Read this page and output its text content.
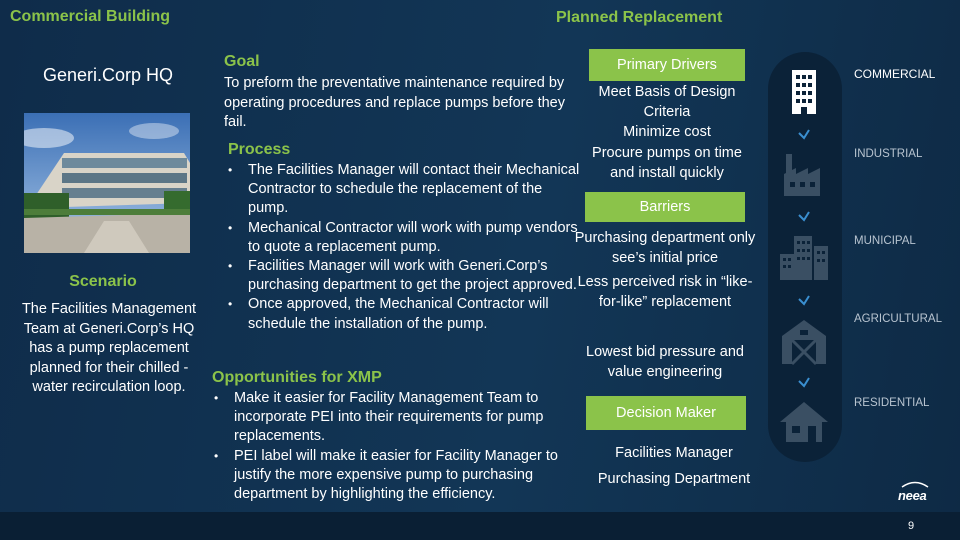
Commercial Building
Generi.Corp HQ
Scenario
The Facilities Management Team at Generi.Corp’s HQ has a pump replacement planned for their chilled -water recirculation loop.
Planned Replacement
Goal
To preform the preventative maintenance required by operating procedures and replace pumps before they fail.
Process
• The Facilities Manager will contact their Mechanical Contractor to schedule the replacement of the pump.
• Mechanical Contractor will work with pump vendors to quote a replacement pump.
• Facilities Manager will work with Generi.Corp’s purchasing department to get the project approved.
• Once approved, the Mechanical Contractor will schedule the installation of the pump.
Opportunities for XMP
• Make it easier for Facility Management Team to incorporate PEI into their requirements for pump replacements.
• PEI label will make it easier for Facility Manager to justify the more expensive pump to purchasing department by highlighting the efficiency.
Primary Drivers
Meet Basis of Design Criteria
Minimize cost
Procure pumps on time and install quickly
Barriers
Purchasing department only see’s initial price
Less perceived risk in “like-for-like” replacement
Lowest bid pressure and value engineering
Decision Maker
Facilities Manager
Purchasing Department
COMMERCIAL
INDUSTRIAL
MUNICIPAL
AGRICULTURAL
RESIDENTIAL
neea
9
